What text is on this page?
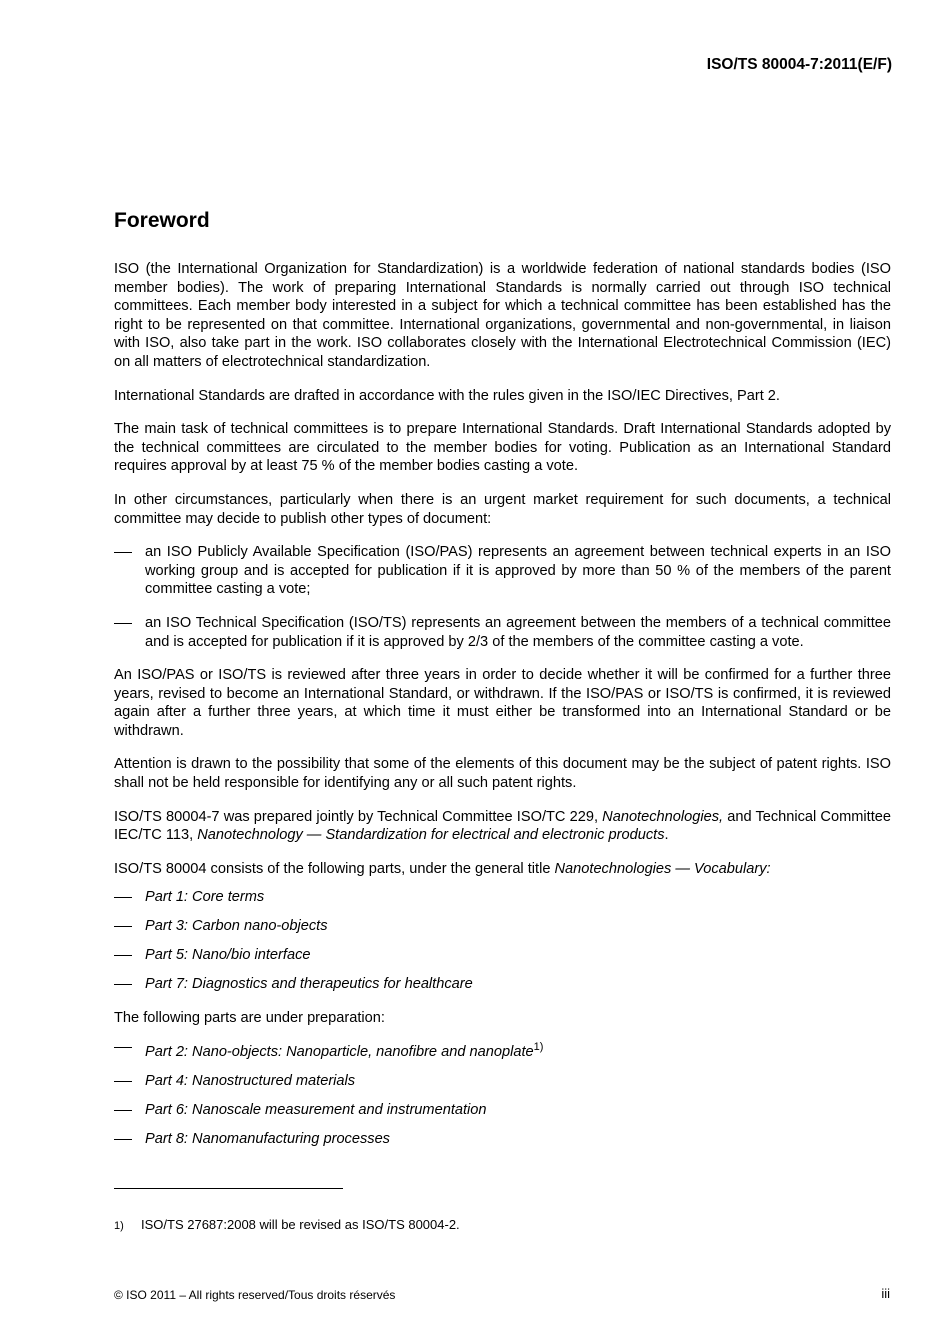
ISO/TS 80004-7:2011(E/F)
Foreword

ISO (the International Organization for Standardization) is a worldwide federation of national standards bodies (ISO member bodies). The work of preparing International Standards is normally carried out through ISO technical committees. Each member body interested in a subject for which a technical committee has been established has the right to be represented on that committee. International organizations, governmental and non-governmental, in liaison with ISO, also take part in the work. ISO collaborates closely with the International Electrotechnical Commission (IEC) on all matters of electrotechnical standardization.

International Standards are drafted in accordance with the rules given in the ISO/IEC Directives, Part 2.

The main task of technical committees is to prepare International Standards. Draft International Standards adopted by the technical committees are circulated to the member bodies for voting. Publication as an International Standard requires approval by at least 75 % of the member bodies casting a vote.

In other circumstances, particularly when there is an urgent market requirement for such documents, a technical committee may decide to publish other types of document:

an ISO Publicly Available Specification (ISO/PAS) represents an agreement between technical experts in an ISO working group and is accepted for publication if it is approved by more than 50 % of the members of the parent committee casting a vote;
an ISO Technical Specification (ISO/TS) represents an agreement between the members of a technical committee and is accepted for publication if it is approved by 2/3 of the members of the committee casting a vote.

An ISO/PAS or ISO/TS is reviewed after three years in order to decide whether it will be confirmed for a further three years, revised to become an International Standard, or withdrawn. If the ISO/PAS or ISO/TS is confirmed, it is reviewed again after a further three years, at which time it must either be transformed into an International Standard or be withdrawn.

Attention is drawn to the possibility that some of the elements of this document may be the subject of patent rights. ISO shall not be held responsible for identifying any or all such patent rights.

ISO/TS 80004-7 was prepared jointly by Technical Committee ISO/TC 229, Nanotechnologies, and Technical Committee IEC/TC 113, Nanotechnology — Standardization for electrical and electronic products.

ISO/TS 80004 consists of the following parts, under the general title Nanotechnologies — Vocabulary:

Part 1: Core terms
Part 3: Carbon nano-objects
Part 5: Nano/bio interface
Part 7: Diagnostics and therapeutics for healthcare

The following parts are under preparation:

Part 2: Nano-objects: Nanoparticle, nanofibre and nanoplate$^{1)}$
Part 4: Nanostructured materials
Part 6: Nanoscale measurement and instrumentation
Part 8: Nanomanufacturing processes
1) ISO/TS 27687:2008 will be revised as ISO/TS 80004-2.
© ISO 2011 – All rights reserved/Tous droits réservés	iii
